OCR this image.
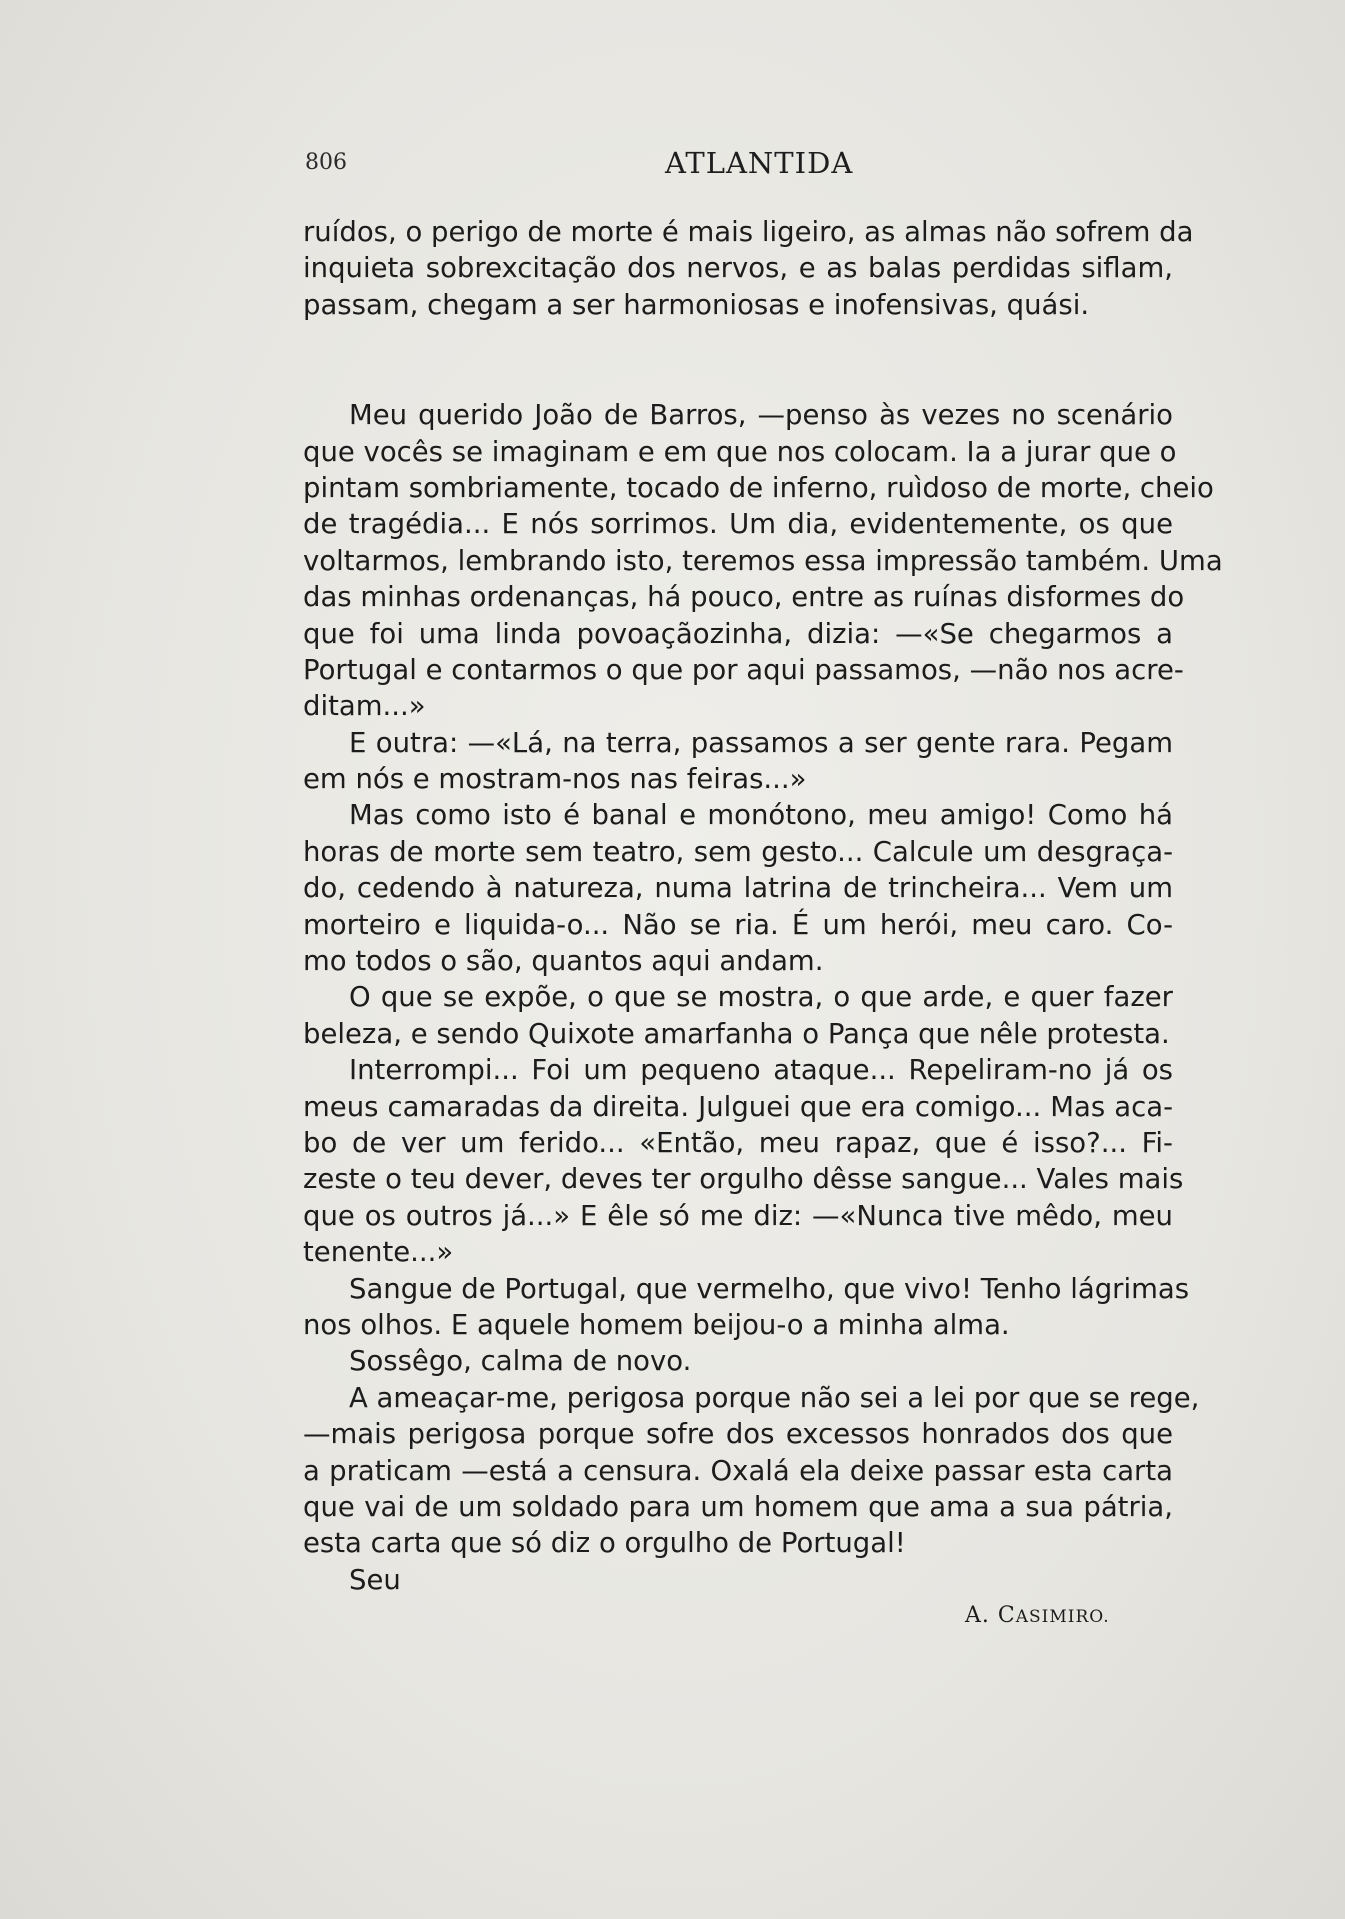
806	ATLANTIDA
ruídos, o perigo de morte é mais ligeiro, as almas não sofrem da
inquieta sobrexcitação dos nervos, e as balas perdidas siflam,
passam, chegam a ser harmoniosas e inofensivas, quási.
Meu querido João de Barros, —penso às vezes no scenário
que vocês se imaginam e em que nos colocam. Ia a jurar que o
pintam sombriamente, tocado de inferno, ruìdoso de morte, cheio
de tragédia... E nós sorrimos. Um dia, evidentemente, os que
voltarmos, lembrando isto, teremos essa impressão também. Uma
das minhas ordenanças, há pouco, entre as ruínas disformes do
que foi uma linda povoaçãozinha, dizia: —«Se chegarmos a
Portugal e contarmos o que por aqui passamos, —não nos acre-
ditam...»
E outra: —«Lá, na terra, passamos a ser gente rara. Pegam
em nós e mostram-nos nas feiras...»
Mas como isto é banal e monótono, meu amigo! Como há
horas de morte sem teatro, sem gesto... Calcule um desgraça-
do, cedendo à natureza, numa latrina de trincheira... Vem um
morteiro e liquida-o... Não se ria. É um herói, meu caro. Co-
mo todos o são, quantos aqui andam.
O que se expõe, o que se mostra, o que arde, e quer fazer
beleza, e sendo Quixote amarfanha o Pança que nêle protesta.
Interrompi... Foi um pequeno ataque... Repeliram-no já os
meus camaradas da direita. Julguei que era comigo... Mas aca-
bo de ver um ferido... «Então, meu rapaz, que é isso?... Fi-
zeste o teu dever, deves ter orgulho dêsse sangue... Vales mais
que os outros já...» E êle só me diz: —«Nunca tive mêdo, meu
tenente...»
Sangue de Portugal, que vermelho, que vivo! Tenho lágrimas
nos olhos. E aquele homem beijou-o a minha alma.
Sossêgo, calma de novo.
A ameaçar-me, perigosa porque não sei a lei por que se rege,
—mais perigosa porque sofre dos excessos honrados dos que
a praticam —está a censura. Oxalá ela deixe passar esta carta
que vai de um soldado para um homem que ama a sua pátria,
esta carta que só diz o orgulho de Portugal!
Seu
A. CASIMIRO.
